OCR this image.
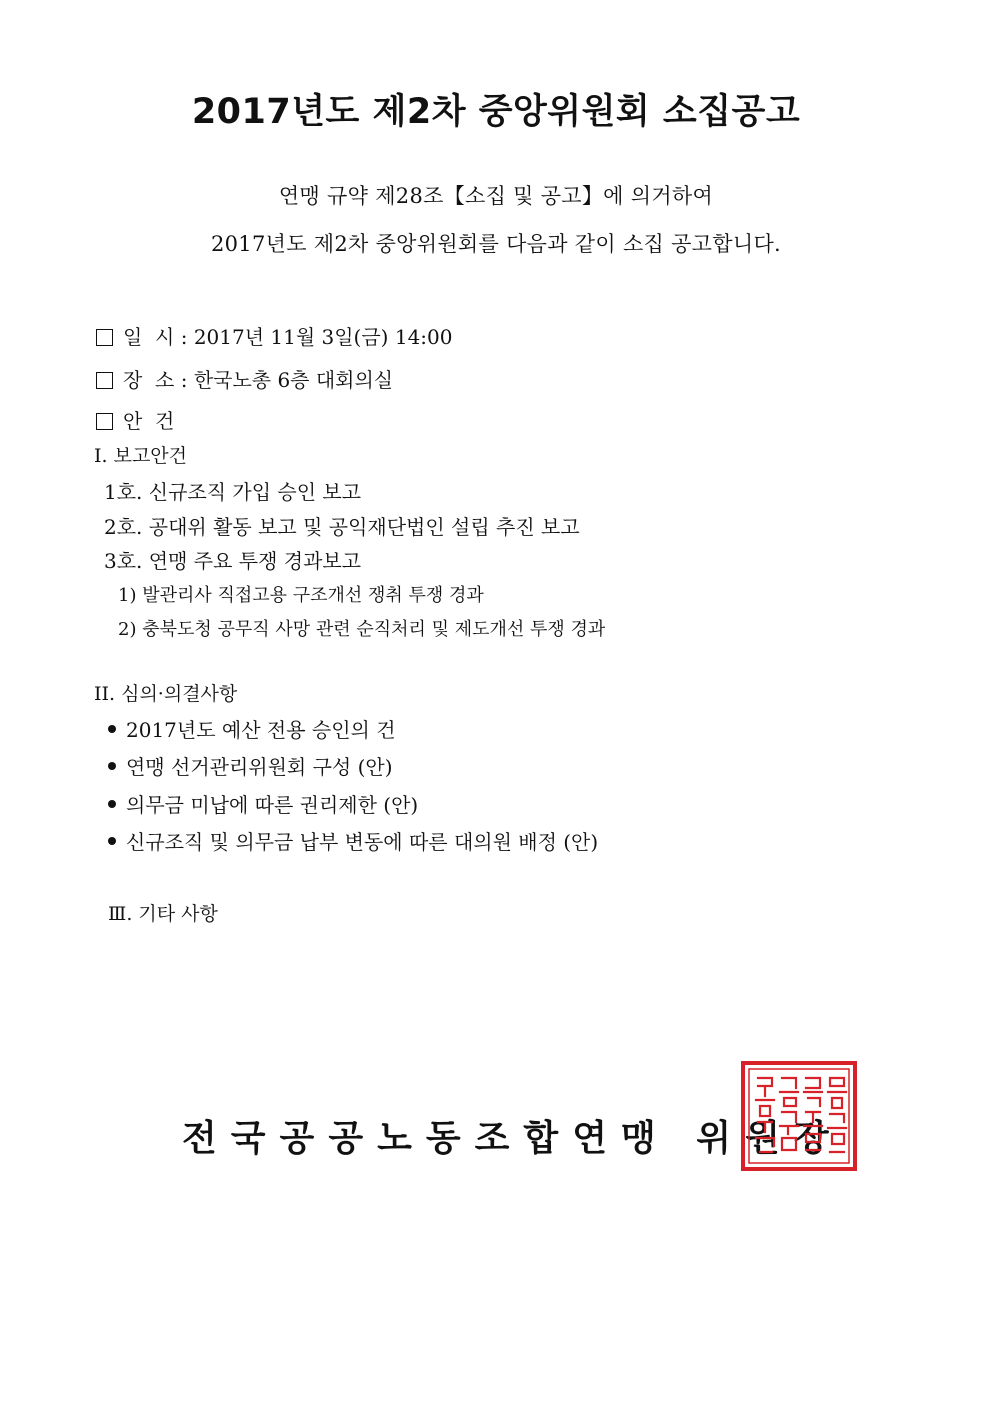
2017년도 제2차 중앙위원회 소집공고
연맹 규약 제28조【소집 및 공고】에 의거하여
2017년도 제2차 중앙위원회를 다음과 같이 소집 공고합니다.
일  시 : 2017년 11월 3일(금) 14:00
장  소 : 한국노총 6층 대회의실
안  건
I. 보고안건
1호. 신규조직 가입 승인 보고
2호. 공대위 활동 보고 및 공익재단법인 설립 추진 보고
3호. 연맹 주요 투쟁 경과보고
1) 발관리사 직접고용 구조개선 쟁취 투쟁 경과
2) 충북도청 공무직 사망 관련 순직처리 및 제도개선 투쟁 경과
II. 심의·의결사항
2017년도 예산 전용 승인의 건
연맹 선거관리위원회 구성 (안)
의무금 미납에 따른 권리제한 (안)
신규조직 및 의무금 납부 변동에 따른 대의원 배정 (안)
Ⅲ. 기타 사항
전국공공노동조합연맹 위원장
